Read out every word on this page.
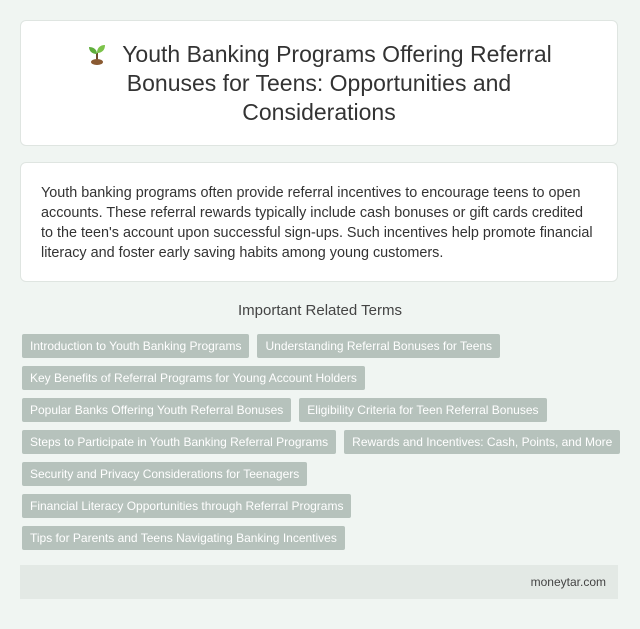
Youth Banking Programs Offering Referral Bonuses for Teens: Opportunities and Considerations

Youth banking programs often provide referral incentives to encourage teens to open accounts. These referral rewards typically include cash bonuses or gift cards credited to the teen's account upon successful sign-ups. Such incentives help promote financial literacy and foster early saving habits among young customers.

Important Related Terms
Introduction to Youth Banking Programs	Understanding Referral Bonuses for Teens
Key Benefits of Referral Programs for Young Account Holders
Popular Banks Offering Youth Referral Bonuses	Eligibility Criteria for Teen Referral Bonuses
Steps to Participate in Youth Banking Referral Programs	Rewards and Incentives: Cash, Points, and More
Security and Privacy Considerations for Teenagers
Financial Literacy Opportunities through Referral Programs
Tips for Parents and Teens Navigating Banking Incentives
moneytar.com
